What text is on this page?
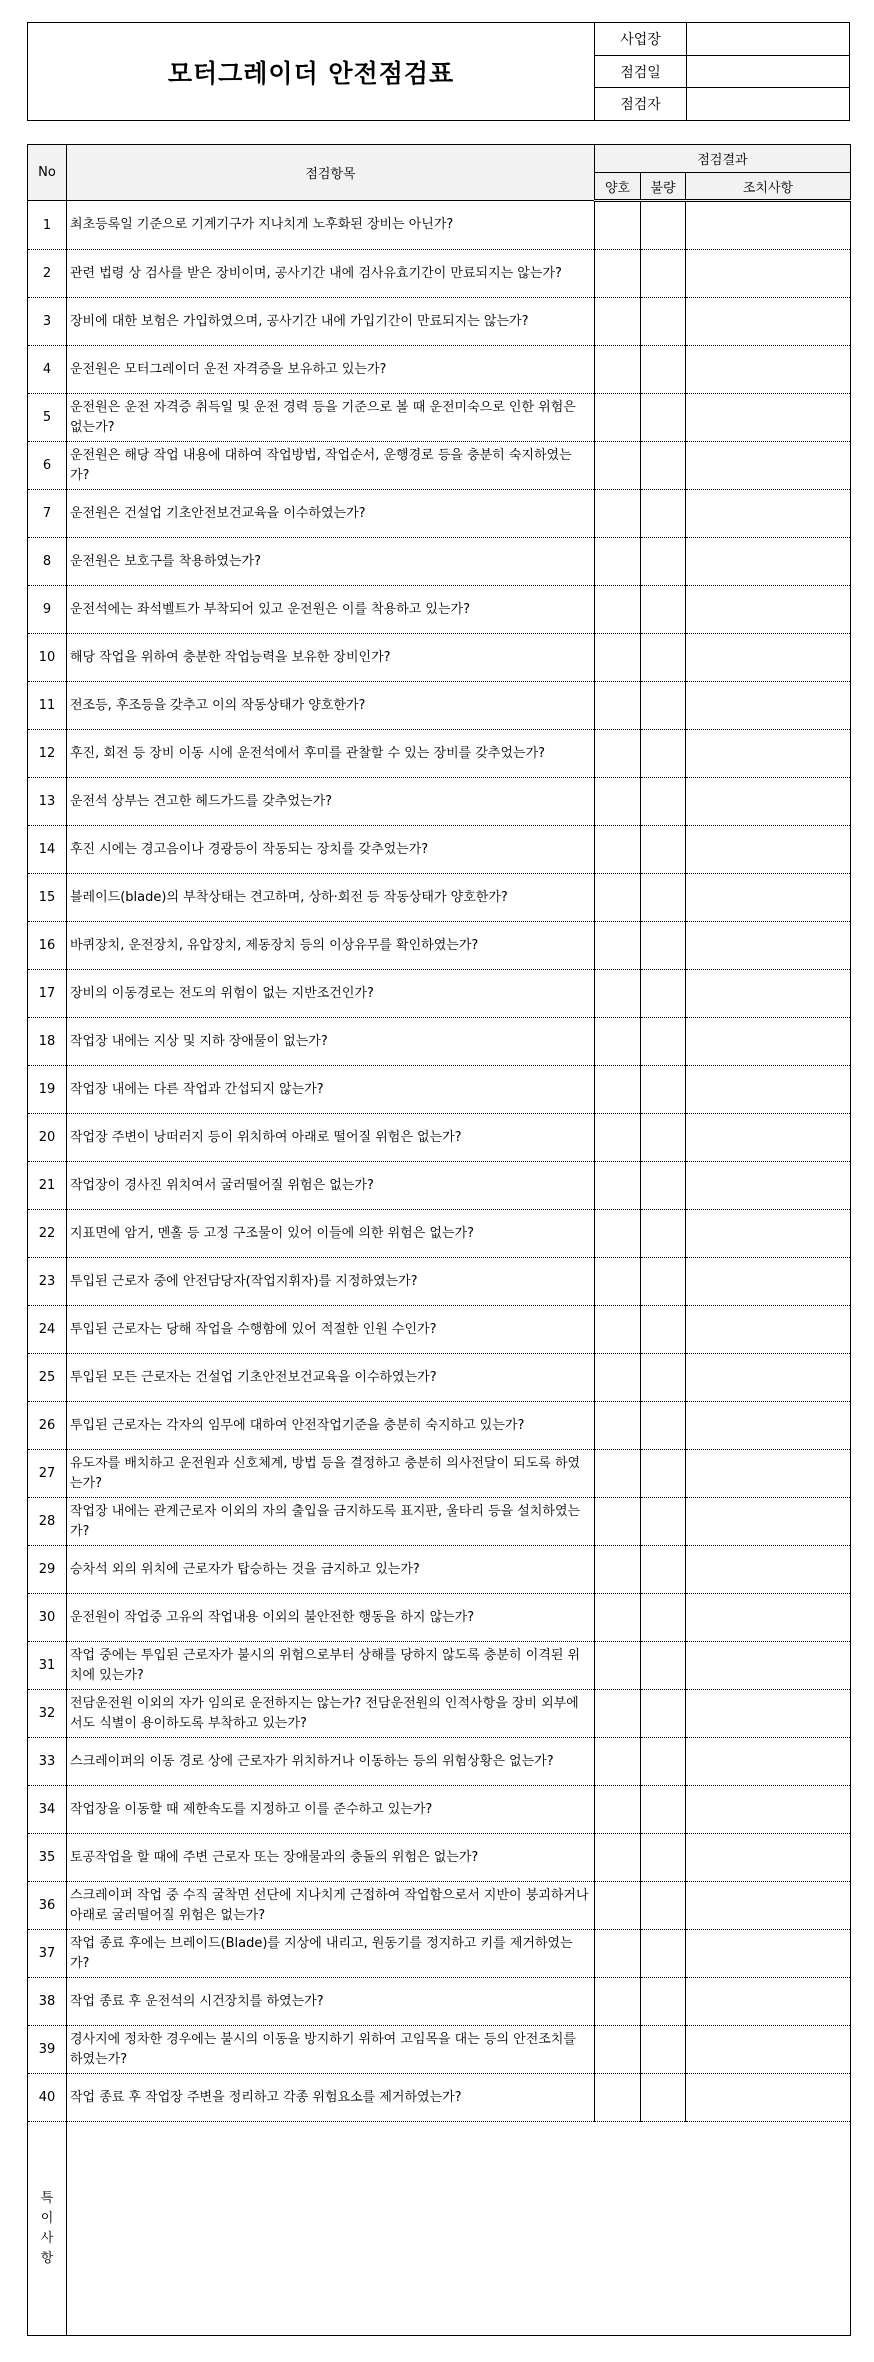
모터그레이더 안전점검표
사업장
점검일
점검자
No	점검항목	점검결과		
		양호	불량	조치사항
1	최초등록일 기준으로 기계기구가 지나치게 노후화된 장비는 아닌가?			
2	관련 법령 상 검사를 받은 장비이며, 공사기간 내에 검사유효기간이 만료되지는 않는가?			
3	장비에 대한 보험은 가입하였으며, 공사기간 내에 가입기간이 만료되지는 않는가?			
4	운전원은 모터그레이더 운전 자격증을 보유하고 있는가?			
5	운전원은 운전 자격증 취득일 및 운전 경력 등을 기준으로 볼 때 운전미숙으로 인한 위험은 없는가?			
6	운전원은 해당 작업 내용에 대하여 작업방법, 작업순서, 운행경로 등을 충분히 숙지하였는가?			
7	운전원은 건설업 기초안전보건교육을 이수하였는가?			
8	운전원은 보호구를 착용하였는가?			
9	운전석에는 좌석벨트가 부착되어 있고 운전원은 이를 착용하고 있는가?			
10	해당 작업을 위하여 충분한 작업능력을 보유한 장비인가?			
11	전조등, 후조등을 갖추고 이의 작동상태가 양호한가?			
12	후진, 회전 등 장비 이동 시에 운전석에서 후미를 관찰할 수 있는 장비를 갖추었는가?			
13	운전석 상부는 견고한 헤드가드를 갖추었는가?			
14	후진 시에는 경고음이나 경광등이 작동되는 장치를 갖추었는가?			
15	블레이드(blade)의 부착상태는 견고하며, 상하·회전 등 작동상태가 양호한가?			
16	바퀴장치, 운전장치, 유압장치, 제동장치 등의 이상유무를 확인하였는가?			
17	장비의 이동경로는 전도의 위험이 없는 지반조건인가?			
18	작업장 내에는 지상 및 지하 장애물이 없는가?			
19	작업장 내에는 다른 작업과 간섭되지 않는가?			
20	작업장 주변이 낭떠러지 등이 위치하여 아래로 떨어질 위험은 없는가?			
21	작업장이 경사진 위치여서 굴러떨어질 위험은 없는가?			
22	지표면에 암거, 멘홀 등 고정 구조물이 있어 이들에 의한 위험은 없는가?			
23	투입된 근로자 중에 안전담당자(작업지휘자)를 지정하였는가?			
24	투입된 근로자는 당해 작업을 수행함에 있어 적절한 인원 수인가?			
25	투입된 모든 근로자는 건설업 기초안전보건교육을 이수하였는가?			
26	투입된 근로자는 각자의 임무에 대하여 안전작업기준을 충분히 숙지하고 있는가?			
27	유도자를 배치하고 운전원과 신호체계, 방법 등을 결정하고 충분히 의사전달이 되도록 하였는가?			
28	작업장 내에는 관계근로자 이외의 자의 출입을 금지하도록 표지판, 울타리 등을 설치하였는가?			
29	승차석 외의 위치에 근로자가 탑승하는 것을 금지하고 있는가?			
30	운전원이 작업중 고유의 작업내용 이외의 불안전한 행동을 하지 않는가?			
31	작업 중에는 투입된 근로자가 불시의 위험으로부터 상해를 당하지 않도록 충분히 이격된 위치에 있는가?			
32	전담운전원 이외의 자가 임의로 운전하지는 않는가? 전담운전원의 인적사항을 장비 외부에서도 식별이 용이하도록 부착하고 있는가?			
33	스크레이퍼의 이동 경로 상에 근로자가 위치하거나 이동하는 등의 위험상황은 없는가?			
34	작업장을 이동할 때 제한속도를 지정하고 이를 준수하고 있는가?			
35	토공작업을 할 때에 주변 근로자 또는 장애물과의 충돌의 위험은 없는가?			
36	스크레이퍼 작업 중 수직 굴착면 선단에 지나치게 근접하여 작업함으로서 지반이 붕괴하거나 아래로 굴러떨어질 위험은 없는가?			
37	작업 종료 후에는 브레이드(Blade)를 지상에 내리고, 원동기를 정지하고 키를 제거하였는가?			
38	작업 종료 후 운전석의 시건장치를 하였는가?			
39	경사지에 정차한 경우에는 불시의 이동을 방지하기 위하여 고임목을 대는 등의 안전조치를 하였는가?			
40	작업 종료 후 작업장 주변을 정리하고 각종 위험요소를 제거하였는가?			

특
이
사
항				
